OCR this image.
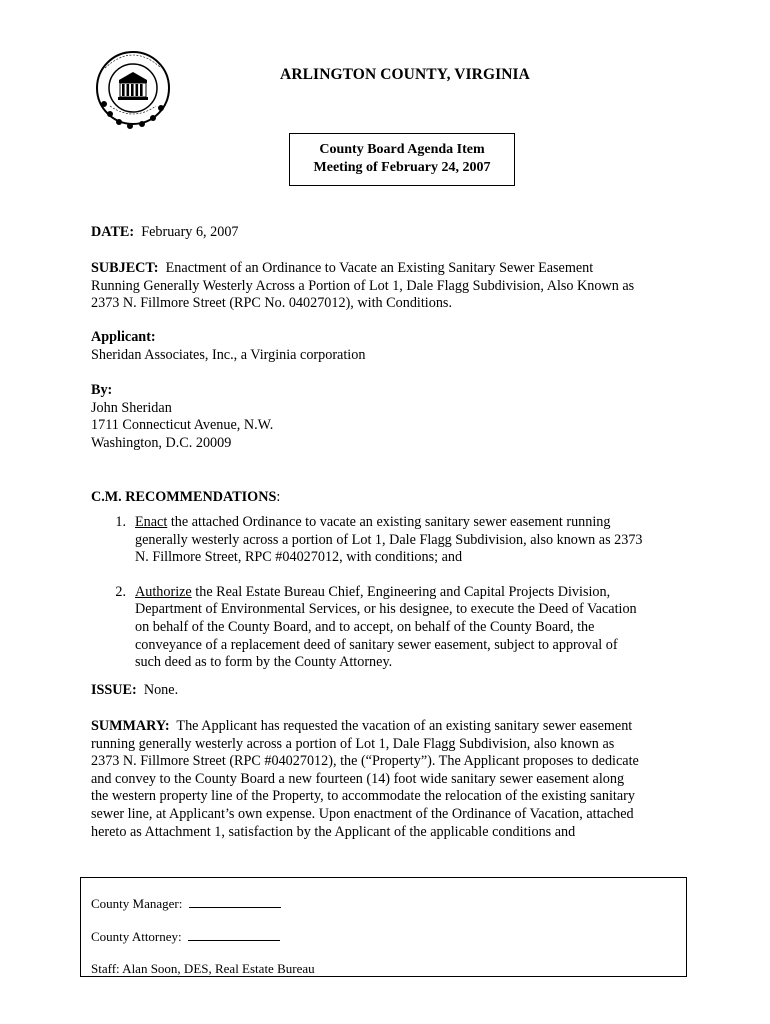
ARLINGTON COUNTY, VIRGINIA
County Board Agenda Item
Meeting of February 24, 2007
DATE: February 6, 2007
SUBJECT: Enactment of an Ordinance to Vacate an Existing Sanitary Sewer Easement
Running Generally Westerly Across a Portion of Lot 1, Dale Flagg Subdivision, Also Known as
2373 N. Fillmore Street (RPC No. 04027012), with Conditions.
Applicant:
Sheridan Associates, Inc., a Virginia corporation
By:
John Sheridan
1711 Connecticut Avenue, N.W.
Washington, D.C. 20009
C.M. RECOMMENDATIONS:
1. Enact the attached Ordinance to vacate an existing sanitary sewer easement running
generally westerly across a portion of Lot 1, Dale Flagg Subdivision, also known as 2373
N. Fillmore Street, RPC #04027012, with conditions; and
2. Authorize the Real Estate Bureau Chief, Engineering and Capital Projects Division,
Department of Environmental Services, or his designee, to execute the Deed of Vacation
on behalf of the County Board, and to accept, on behalf of the County Board, the
conveyance of a replacement deed of sanitary sewer easement, subject to approval of
such deed as to form by the County Attorney.
ISSUE: None.
SUMMARY: The Applicant has requested the vacation of an existing sanitary sewer easement
running generally westerly across a portion of Lot 1, Dale Flagg Subdivision, also known as
2373 N. Fillmore Street (RPC #04027012), the (“Property”). The Applicant proposes to dedicate
and convey to the County Board a new fourteen (14) foot wide sanitary sewer easement along
the western property line of the Property, to accommodate the relocation of the existing sanitary
sewer line, at Applicant’s own expense. Upon enactment of the Ordinance of Vacation, attached
hereto as Attachment 1, satisfaction by the Applicant of the applicable conditions and
County Manager:
County Attorney:
Staff: Alan Soon, DES, Real Estate Bureau
